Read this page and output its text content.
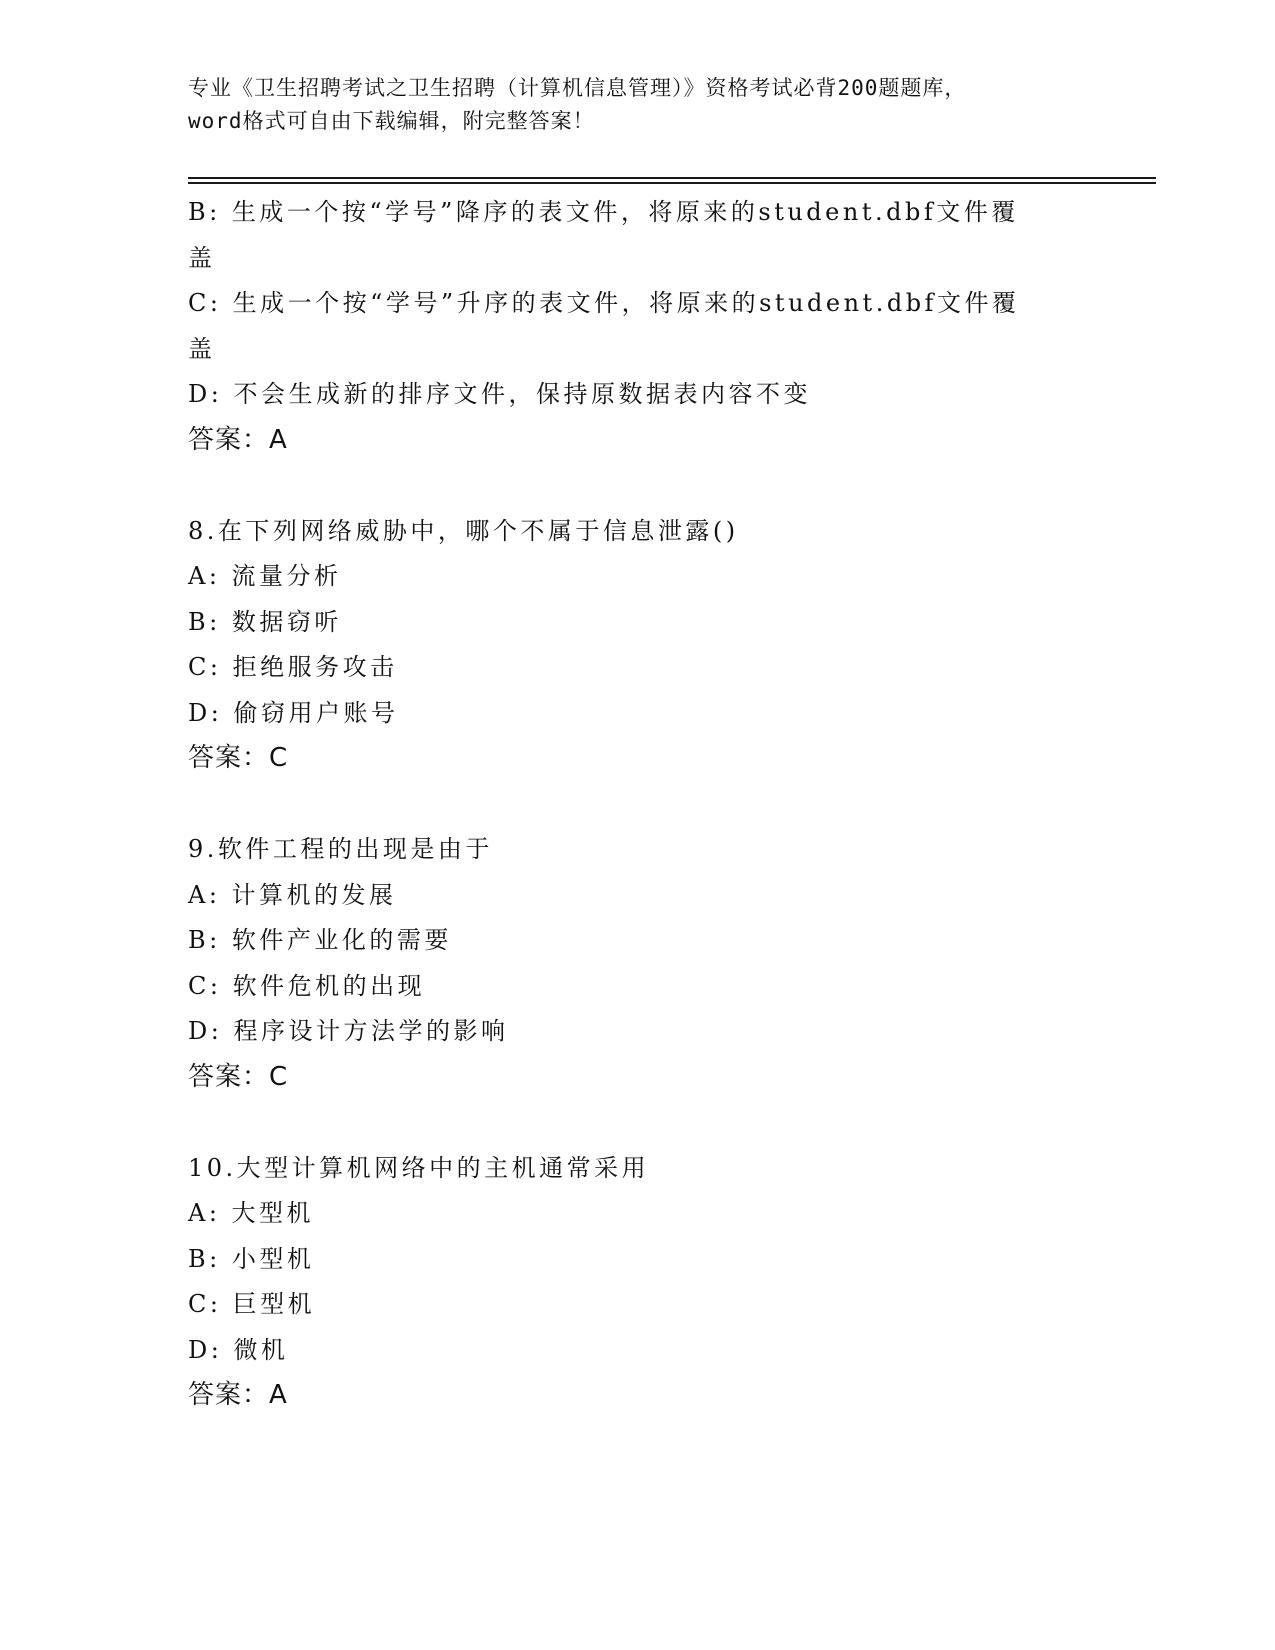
专业《卫生招聘考试之卫生招聘（计算机信息管理）》资格考试必背200题题库，
word格式可自由下载编辑，附完整答案！
B: 生成一个按“学号”降序的表文件，将原来的student.dbf文件覆
盖
C: 生成一个按“学号”升序的表文件，将原来的student.dbf文件覆
盖
D: 不会生成新的排序文件，保持原数据表内容不变
答案：A
8.在下列网络威胁中，哪个不属于信息泄露()
A: 流量分析
B: 数据窃听
C: 拒绝服务攻击
D: 偷窃用户账号
答案：C
9.软件工程的出现是由于
A: 计算机的发展
B: 软件产业化的需要
C: 软件危机的出现
D: 程序设计方法学的影响
答案：C
10.大型计算机网络中的主机通常采用
A: 大型机
B: 小型机
C: 巨型机
D: 微机
答案：A
